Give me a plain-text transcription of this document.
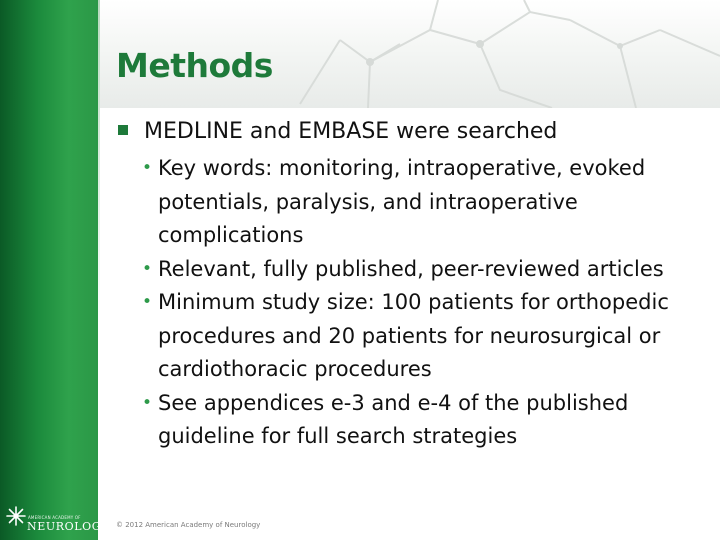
Methods
MEDLINE and EMBASE were searched
• Key words: monitoring, intraoperative, evoked potentials, paralysis, and intraoperative complications
• Relevant, fully published, peer-reviewed articles
• Minimum study size: 100 patients for orthopedic procedures and 20 patients for neurosurgical or cardiothoracic procedures
• See appendices e-3 and e-4 of the published guideline for full search strategies
© 2012 American Academy of Neurology
AMERICAN ACADEMY OF
NEUROLOGY.
